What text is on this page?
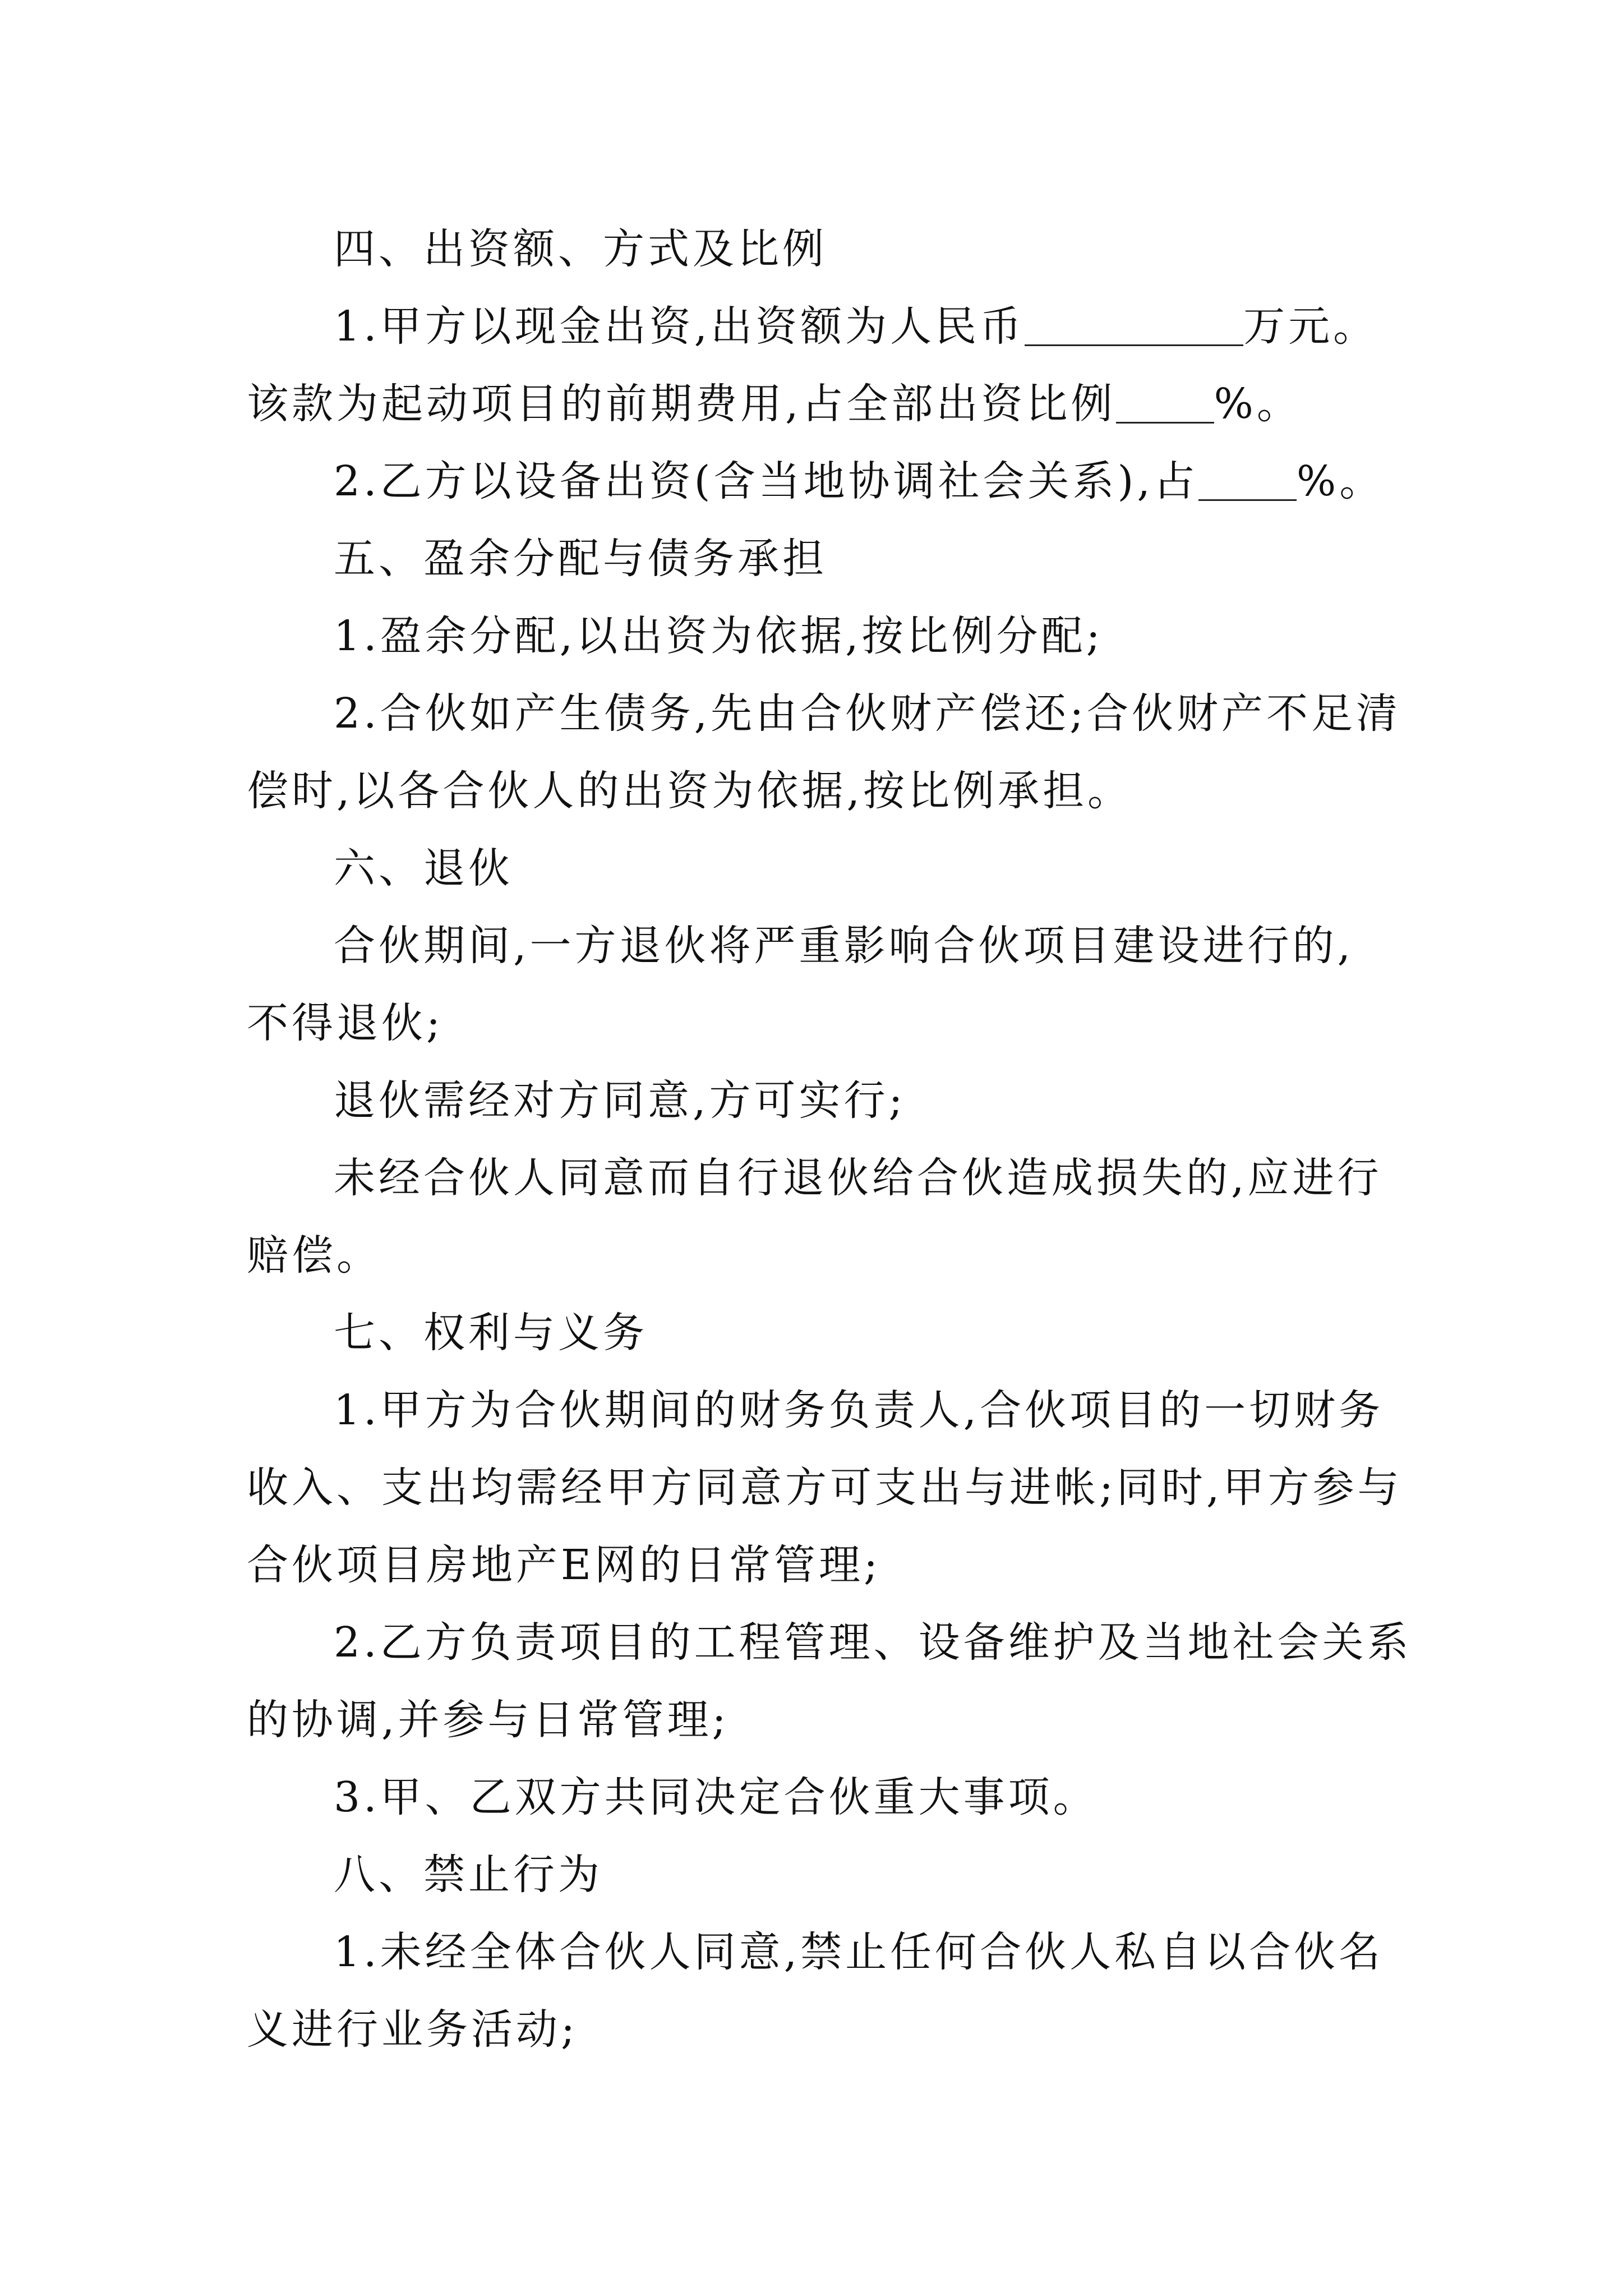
四、出资额、方式及比例
1.甲方以现金出资,出资额为人民币	万元。
该款为起动项目的前期费用,占全部出资比例 %。
2.乙方以设备出资(含当地协调社会关系),占 %。
五、盈余分配与债务承担
1.盈余分配,以出资为依据,按比例分配;
2.合伙如产生债务,先由合伙财产偿还;合伙财产不足清
偿时,以各合伙人的出资为依据,按比例承担。
六、退伙
合伙期间,一方退伙将严重影响合伙项目建设进行的,
不得退伙;
退伙需经对方同意,方可实行;
未经合伙人同意而自行退伙给合伙造成损失的,应进行
赔偿。
七、权利与义务
1.甲方为合伙期间的财务负责人,合伙项目的一切财务
收入、支出均需经甲方同意方可支出与进帐;同时,甲方参与
合伙项目房地产E网的日常管理;
2.乙方负责项目的工程管理、设备维护及当地社会关系
的协调,并参与日常管理;
3.甲、乙双方共同决定合伙重大事项。
八、禁止行为
1.未经全体合伙人同意,禁止任何合伙人私自以合伙名
义进行业务活动;
